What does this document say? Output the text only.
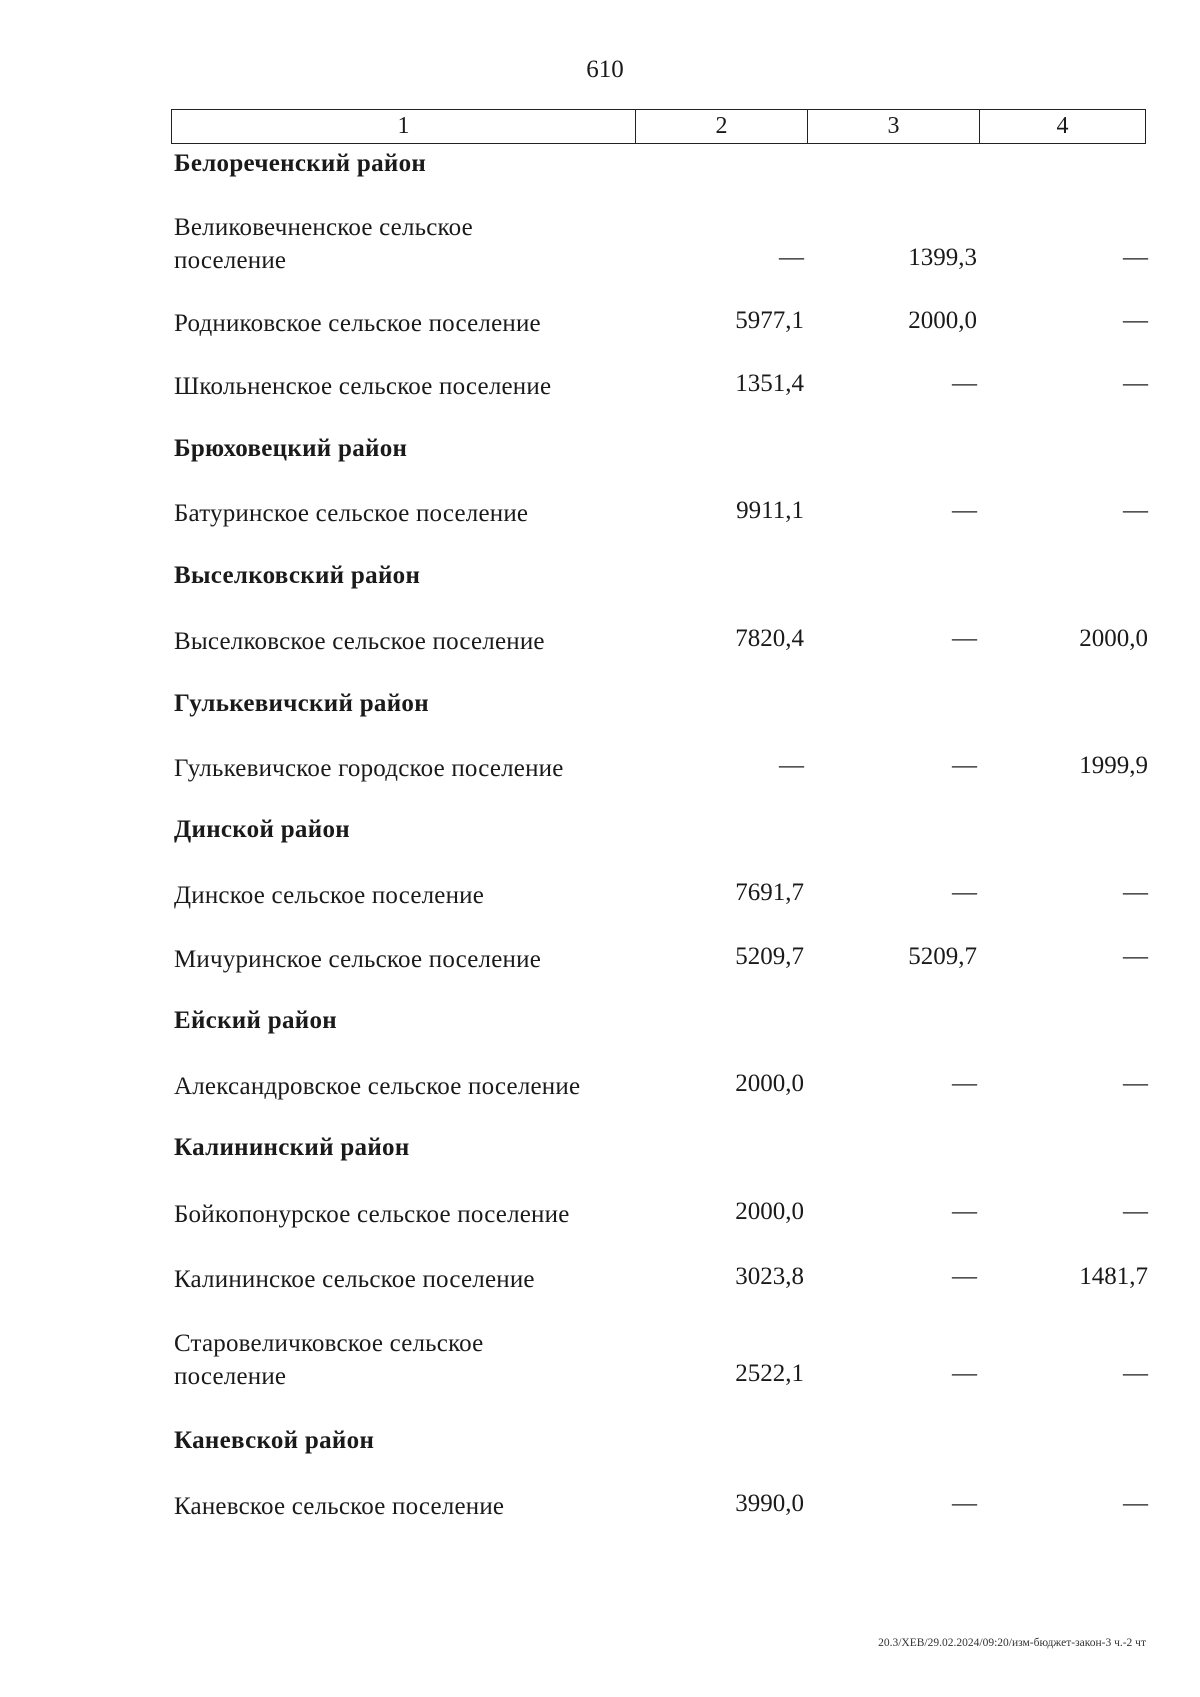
610
1	2	3	4
Белореченский район
Великовечненское сельское
поселение	—	1399,3	—
Родниковское сельское поселение	5977,1	2000,0	—
Школьненское сельское поселение	1351,4	—	—
Брюховецкий район
Батуринское сельское поселение	9911,1	—	—
Выселковский район
Выселковское сельское поселение	7820,4	—	2000,0
Гулькевичский район
Гулькевичское городское поселение	—	—	1999,9
Динской район
Динское сельское поселение	7691,7	—	—
Мичуринское сельское поселение	5209,7	5209,7	—
Ейский район
Александровское сельское поселение	2000,0	—	—
Калининский район
Бойкопонурское сельское поселение	2000,0	—	—
Калининское сельское поселение	3023,8	—	1481,7
Старовеличковское сельское
поселение	2522,1	—	—
Каневской район
Каневское сельское поселение	3990,0	—	—
20.3/ХЕВ/29.02.2024/09:20/изм-бюджет-закон-3 ч.-2 чт
